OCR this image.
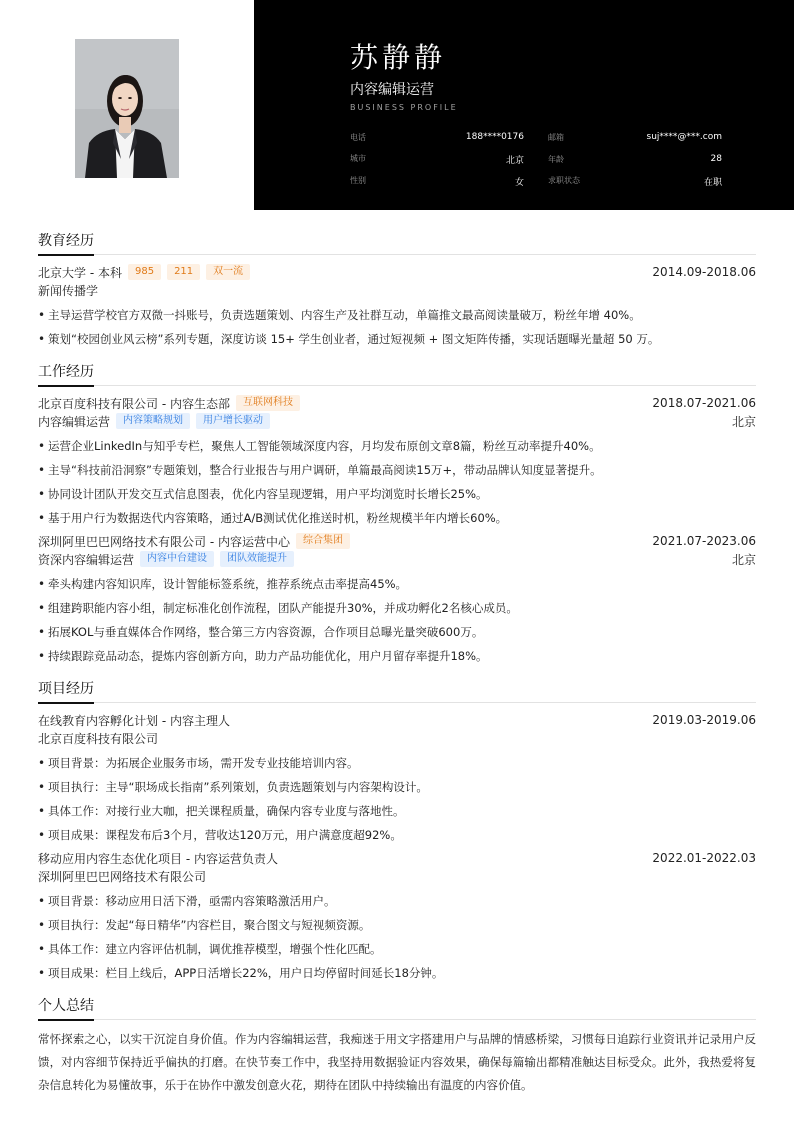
苏静静
内容编辑运营
BUSINESS PROFILE
电话	188****0176	邮箱	suj****@***.com
城市	北京	年龄	28
性别	女	求职状态	在职
教育经历
北京大学 - 本科	985	211	双一流	2014.09-2018.06
新闻传播学
• 主导运营学校官方双微一抖账号，负责选题策划、内容生产及社群互动，单篇推文最高阅读量破万，粉丝年增 40%。
• 策划“校园创业风云榜”系列专题，深度访谈 15+ 学生创业者，通过短视频 + 图文矩阵传播，实现话题曝光量超 50 万。
工作经历
北京百度科技有限公司 - 内容生态部	互联网科技	2018.07-2021.06
内容编辑运营	内容策略规划	用户增长驱动	北京
• 运营企业LinkedIn与知乎专栏，聚焦人工智能领域深度内容，月均发布原创文章8篇，粉丝互动率提升40%。
• 主导“科技前沿洞察”专题策划，整合行业报告与用户调研，单篇最高阅读15万+，带动品牌认知度显著提升。
• 协同设计团队开发交互式信息图表，优化内容呈现逻辑，用户平均浏览时长增长25%。
• 基于用户行为数据迭代内容策略，通过A/B测试优化推送时机，粉丝规模半年内增长60%。
深圳阿里巴巴网络技术有限公司 - 内容运营中心	综合集团	2021.07-2023.06
资深内容编辑运营	内容中台建设	团队效能提升	北京
• 牵头构建内容知识库，设计智能标签系统，推荐系统点击率提高45%。
• 组建跨职能内容小组，制定标准化创作流程，团队产能提升30%，并成功孵化2名核心成员。
• 拓展KOL与垂直媒体合作网络，整合第三方内容资源，合作项目总曝光量突破600万。
• 持续跟踪竞品动态，提炼内容创新方向，助力产品功能优化，用户月留存率提升18%。
项目经历
在线教育内容孵化计划 - 内容主理人	2019.03-2019.06
北京百度科技有限公司
• 项目背景：为拓展企业服务市场，需开发专业技能培训内容。
• 项目执行：主导“职场成长指南”系列策划，负责选题策划与内容架构设计。
• 具体工作：对接行业大咖，把关课程质量，确保内容专业度与落地性。
• 项目成果：课程发布后3个月，营收达120万元，用户满意度超92%。
移动应用内容生态优化项目 - 内容运营负责人	2022.01-2022.03
深圳阿里巴巴网络技术有限公司
• 项目背景：移动应用日活下滑，亟需内容策略激活用户。
• 项目执行：发起“每日精华”内容栏目，聚合图文与短视频资源。
• 具体工作：建立内容评估机制，调优推荐模型，增强个性化匹配。
• 项目成果：栏目上线后，APP日活增长22%，用户日均停留时间延长18分钟。
个人总结

常怀探索之心，以实干沉淀自身价值。作为内容编辑运营，我痴迷于用文字搭建用户与品牌的情感桥梁，习惯每日追踪行业资讯并记录用户反馈，对内容细节保持近乎偏执的打磨。在快节奏工作中，我坚持用数据验证内容效果，确保每篇输出都精准触达目标受众。此外，我热爱将复杂信息转化为易懂故事，乐于在协作中激发创意火花，期待在团队中持续输出有温度的内容价值。
